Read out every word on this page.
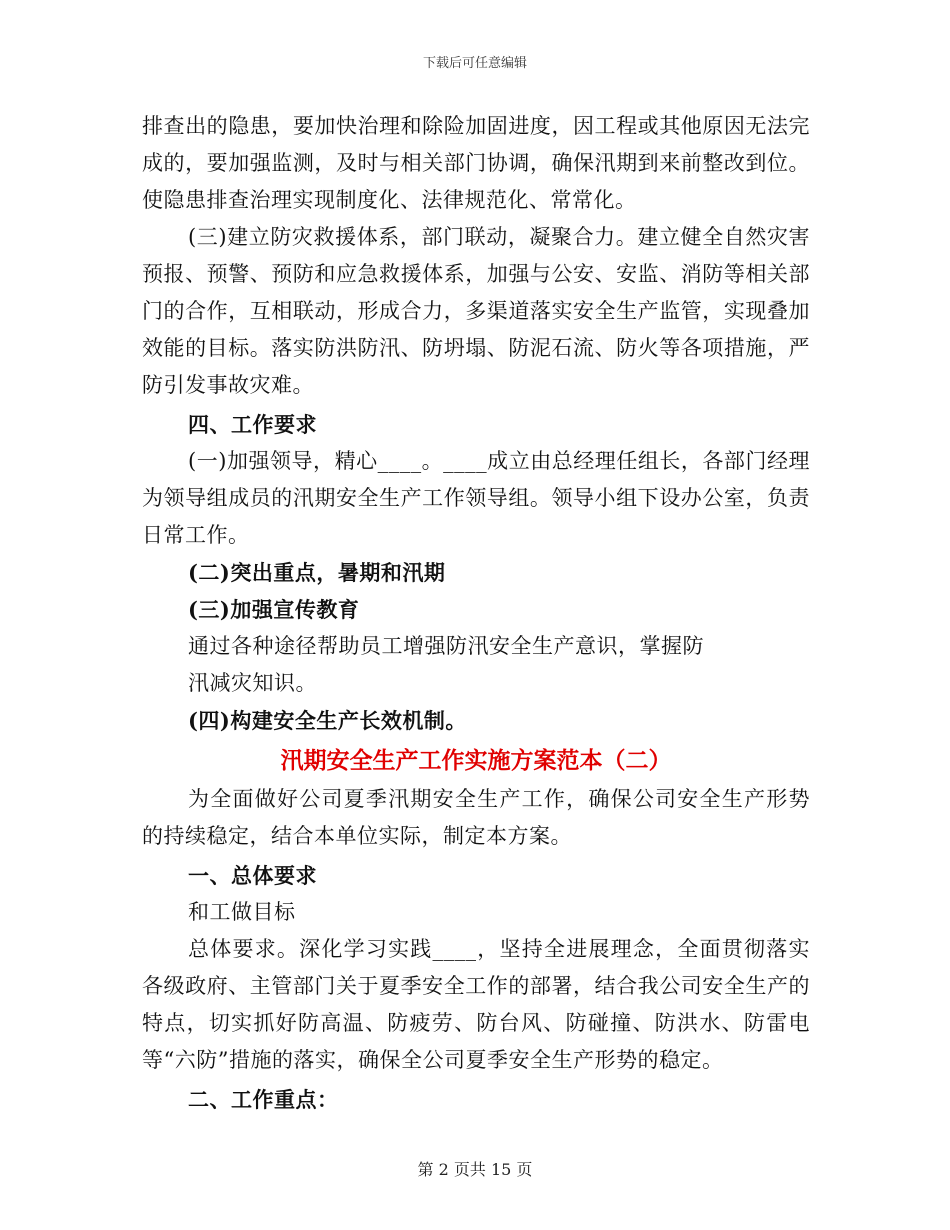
下载后可任意编辑

排查出的隐患，要加快治理和除险加固进度，因工程或其他原因无法完成的，要加强监测，及时与相关部门协调，确保汛期到来前整改到位。使隐患排查治理实现制度化、法律规范化、常常化。

(三)建立防灾救援体系，部门联动，凝聚合力。建立健全自然灾害预报、预警、预防和应急救援体系，加强与公安、安监、消防等相关部门的合作，互相联动，形成合力，多渠道落实安全生产监管，实现叠加效能的目标。落实防洪防汛、防坍塌、防泥石流、防火等各项措施，严防引发事故灾难。

四、工作要求

(一)加强领导，精心____。____成立由总经理任组长，各部门经理为领导组成员的汛期安全生产工作领导组。领导小组下设办公室，负责日常工作。

(二)突出重点，暑期和汛期

(三)加强宣传教育

通过各种途径帮助员工增强防汛安全生产意识，掌握防

汛减灾知识。

(四)构建安全生产长效机制。

汛期安全生产工作实施方案范本（二）

为全面做好公司夏季汛期安全生产工作，确保公司安全生产形势的持续稳定，结合本单位实际，制定本方案。

一、总体要求

和工做目标

总体要求。深化学习实践____，坚持全进展理念，全面贯彻落实各级政府、主管部门关于夏季安全工作的部署，结合我公司安全生产的特点，切实抓好防高温、防疲劳、防台风、防碰撞、防洪水、防雷电等“六防”措施的落实，确保全公司夏季安全生产形势的稳定。

二、工作重点：

第 2 页共 15 页
